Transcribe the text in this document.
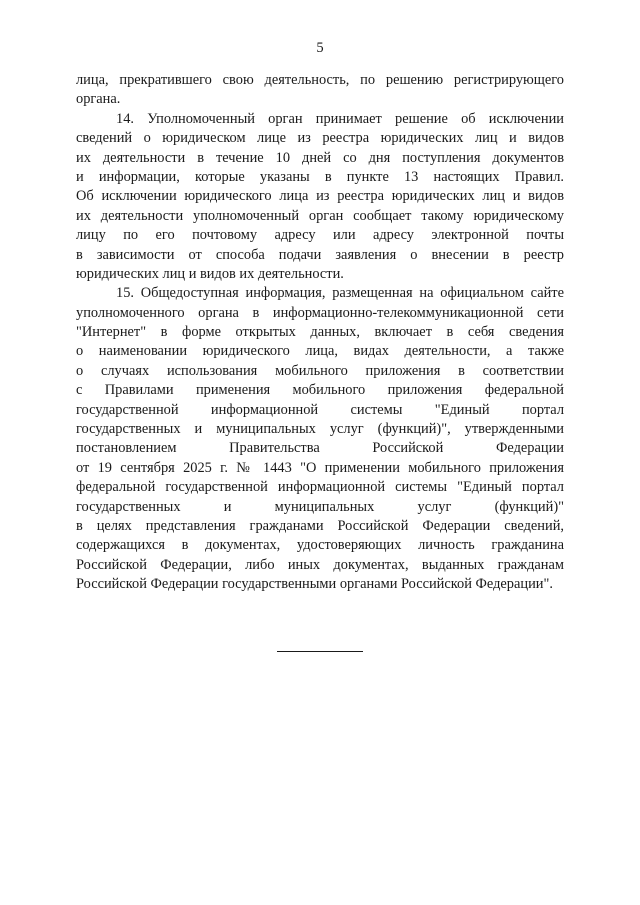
5
лица, прекратившего свою деятельность, по решению регистрирующего
органа.
14. Уполномоченный орган принимает решение об исключении
сведений о юридическом лице из реестра юридических лиц и видов
их деятельности в течение 10 дней со дня поступления документов
и информации, которые указаны в пункте 13 настоящих Правил.
Об исключении юридического лица из реестра юридических лиц и видов
их деятельности уполномоченный орган сообщает такому юридическому
лицу по его почтовому адресу или адресу электронной почты
в зависимости от способа подачи заявления о внесении в реестр
юридических лиц и видов их деятельности.
15. Общедоступная информация, размещенная на официальном сайте
уполномоченного органа в информационно-телекоммуникационной сети
"Интернет" в форме открытых данных, включает в себя сведения
о наименовании юридического лица, видах деятельности, а также
о случаях использования мобильного приложения в соответствии
с Правилами применения мобильного приложения федеральной
государственной информационной системы "Единый портал
государственных и муниципальных услуг (функций)", утвержденными
постановлением Правительства Российской Федерации
от 19 сентября 2025 г. № 1443 "О применении мобильного приложения
федеральной государственной информационной системы "Единый портал
государственных и муниципальных услуг (функций)"
в целях представления гражданами Российской Федерации сведений,
содержащихся в документах, удостоверяющих личность гражданина
Российской Федерации, либо иных документах, выданных гражданам
Российской Федерации государственными органами Российской Федерации".
